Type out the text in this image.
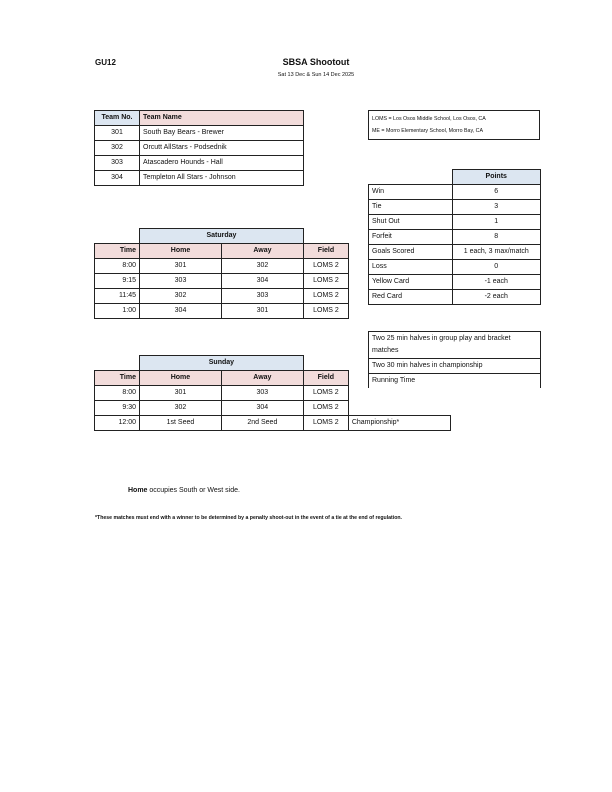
GU12	SBSA Shootout
Sat 13 Dec & Sun 14 Dec 2025
Team No.	Team Name
301	South Bay Bears - Brewer
302	Orcutt AllStars - Podsednik
303	Atascadero Hounds - Hall
304	Templeton All Stars - Johnson
LOMS = Los Osos Middle School, Los Osos, CA
ME = Morro Elementary School, Morro Bay, CA
	Points
Win	6
Tie	3
Shut Out	1
Forfeit	8
Goals Scored	1 each, 3 max/match
Loss	0
Yellow Card	-1 each
Red Card	-2 each
	Saturday		
Time	Home	Away	Field
8:00	301	302	LOMS 2
9:15	303	304	LOMS 2
11:45	302	303	LOMS 2
1:00	304	301	LOMS 2
Two 25 min halves in group play and bracket matches
Two 30 min halves in championship
Running Time
	Sunday			
Time	Home	Away	Field	
8:00	301	303	LOMS 2	
9:30	302	304	LOMS 2	
12:00	1st Seed	2nd Seed	LOMS 2	Championship*
Home occupies South or West side.
*These matches must end with a winner to be determined by a penalty shoot-out in the event of a tie at the end of regulation.
